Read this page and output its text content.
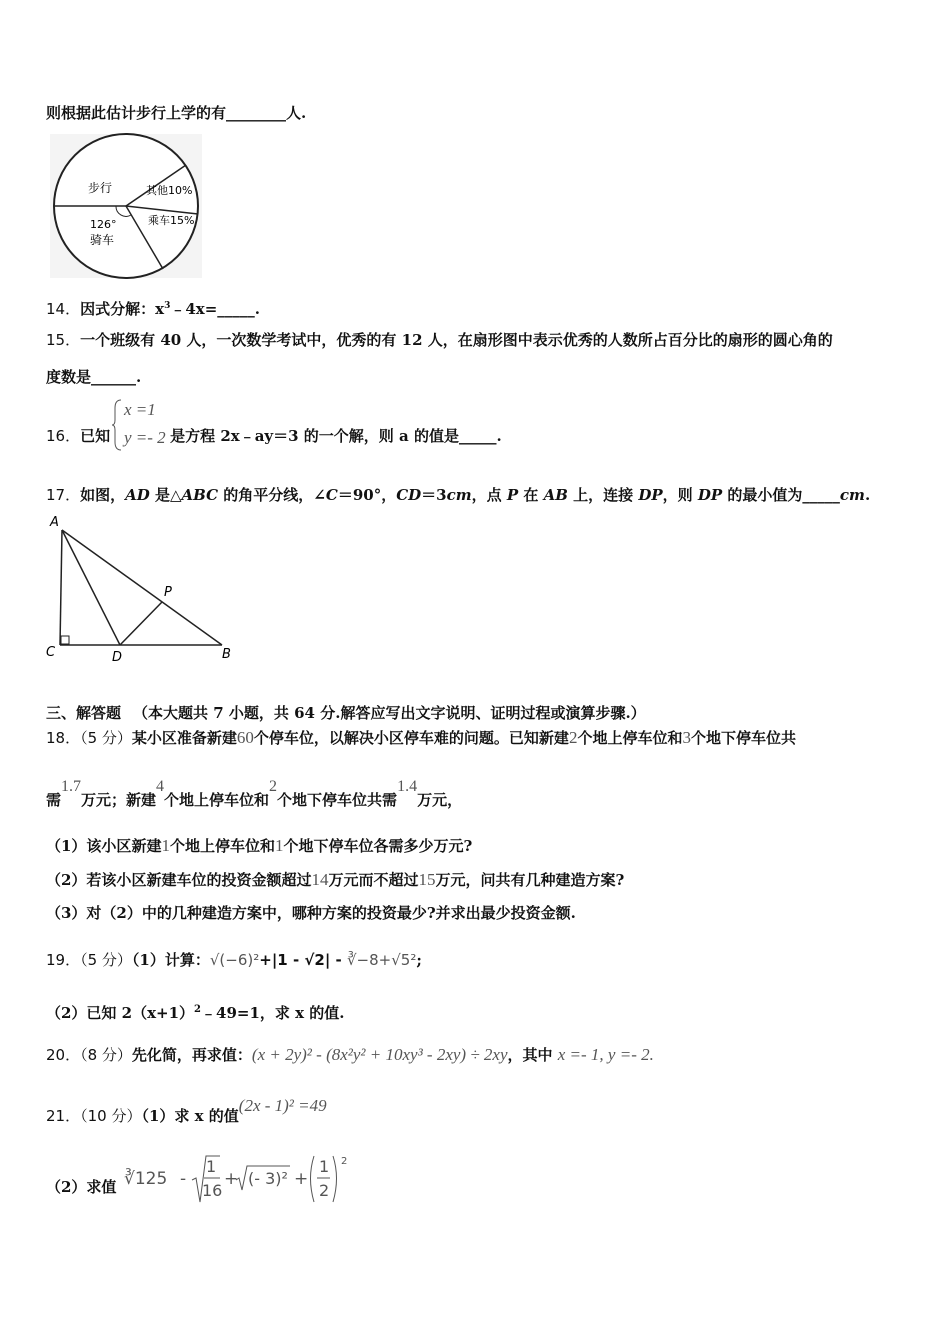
则根据此估计步行上学的有________人.
步行	其他10%
乘车15%
126°
骑车
14．因式分解：$x^3﹣4x=\_\_\_\_\_$.
15．一个班级有 40 人，一次数学考试中，优秀的有 12 人，在扇形图中表示优秀的人数所占百分比的扇形的圆心角的
度数是______.
16．已知	是方程 2x﹣ay＝3 的一个解，则 a 的值是_____.
x =1
y =- 2
17．如图，AD 是△ABC 的角平分线，∠C＝90°，CD＝3cm，点 P 在 AB 上，连接 DP，则 DP 的最小值为_____cm.
A
C	D	B
P
三、解答题 （本大题共 7 小题，共 64 分.解答应写出文字说明、证明过程或演算步骤.）
18．（5 分）某小区准备新建60个停车位，以解决小区停车难的问题。已知新建2个地上停车位和3个地下停车位共
需1.7万元；新建4个地上停车位和2个地下停车位共需1.4万元，
（1）该小区新建1个地上停车位和1个地下停车位各需多少万元?
（2）若该小区新建车位的投资金额超过14万元而不超过15万元，问共有几种建造方案?
（3）对（2）中的几种建造方案中，哪种方案的投资最少?并求出最少投资金额.
19．（5 分）（1）计算：√(−6)²+|1 - √2| - ∛−8+√5²;
（2）已知 $2(x+1)^2﹣49=1$，求 x 的值.
20．（8 分）先化简，再求值：(x + 2y)² - (8x²y² + 10xy³ - 2xy) ÷ 2xy，其中 x =- 1, y =- 2.
21．（10 分）（1）求 x 的值(2x - 1)² =49
（2）求值 ∛125 -
1
16
+ (- 3)² +
1
2
2
